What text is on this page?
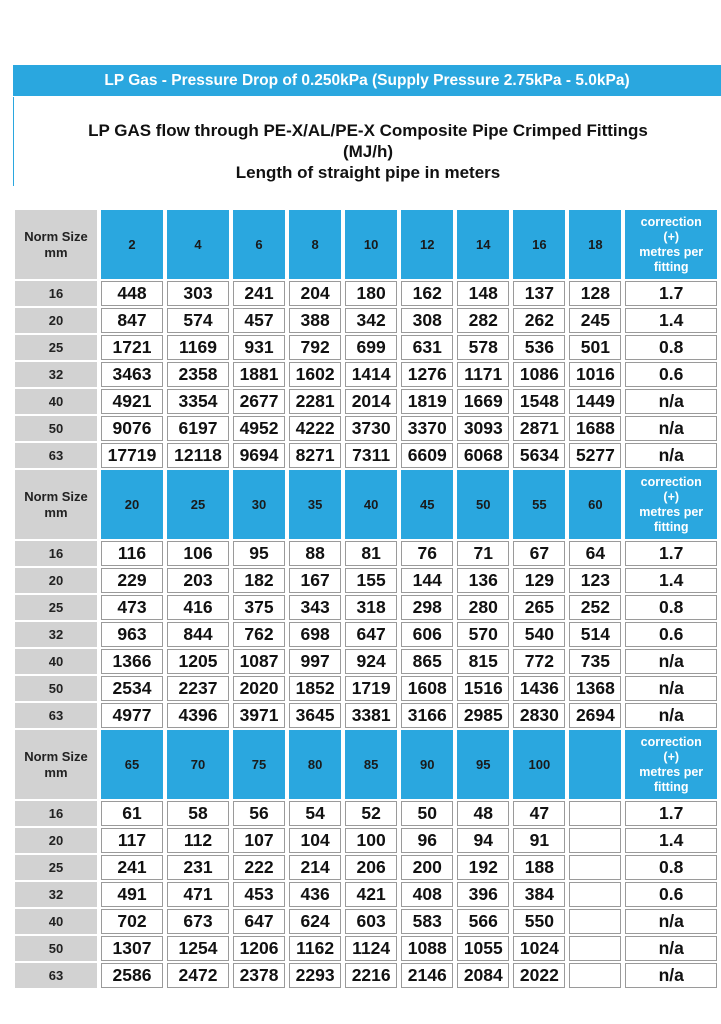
LP Gas - Pressure Drop of 0.250kPa (Supply Pressure 2.75kPa - 5.0kPa)
LP GAS flow through PE-X/AL/PE-X Composite Pipe Crimped Fittings
(MJ/h)
Length of straight pipe in meters
Norm Size
mm	2	4	6	8	10	12	14	16	18	correction
(+)
metres per
fitting
16	448	303	241	204	180	162	148	137	128	1.7
20	847	574	457	388	342	308	282	262	245	1.4
25	1721	1169	931	792	699	631	578	536	501	0.8
32	3463	2358	1881	1602	1414	1276	1171	1086	1016	0.6
40	4921	3354	2677	2281	2014	1819	1669	1548	1449	n/a
50	9076	6197	4952	4222	3730	3370	3093	2871	1688	n/a
63	17719	12118	9694	8271	7311	6609	6068	5634	5277	n/a
Norm Size
mm	20	25	30	35	40	45	50	55	60	correction
(+)
metres per
fitting
16	116	106	95	88	81	76	71	67	64	1.7
20	229	203	182	167	155	144	136	129	123	1.4
25	473	416	375	343	318	298	280	265	252	0.8
32	963	844	762	698	647	606	570	540	514	0.6
40	1366	1205	1087	997	924	865	815	772	735	n/a
50	2534	2237	2020	1852	1719	1608	1516	1436	1368	n/a
63	4977	4396	3971	3645	3381	3166	2985	2830	2694	n/a
Norm Size
mm	65	70	75	80	85	90	95	100		correction
(+)
metres per
fitting
16	61	58	56	54	52	50	48	47		1.7
20	117	112	107	104	100	96	94	91		1.4
25	241	231	222	214	206	200	192	188		0.8
32	491	471	453	436	421	408	396	384		0.6
40	702	673	647	624	603	583	566	550		n/a
50	1307	1254	1206	1162	1124	1088	1055	1024		n/a
63	2586	2472	2378	2293	2216	2146	2084	2022		n/a
